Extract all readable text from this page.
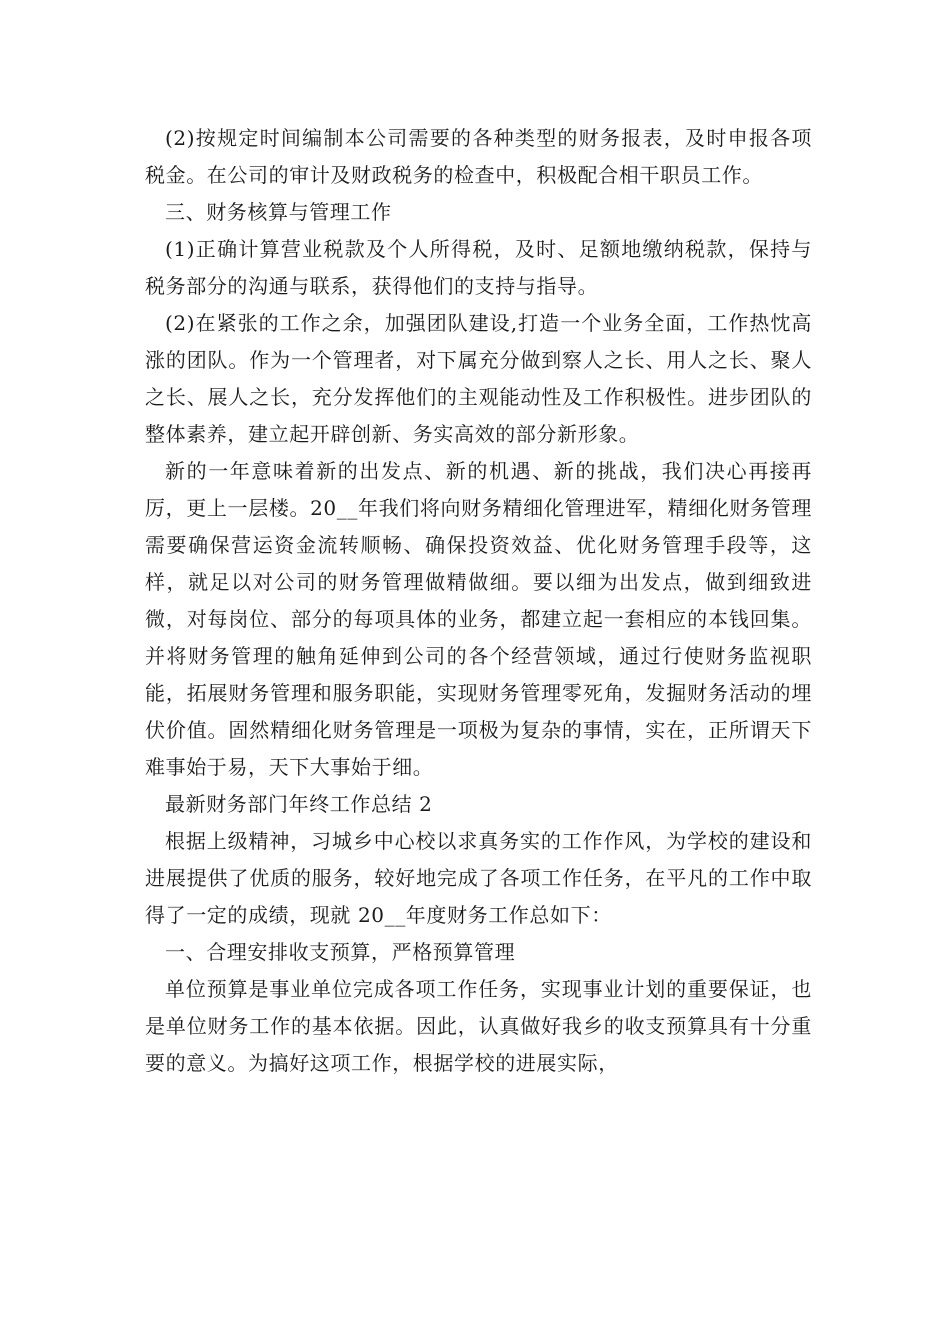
(2)按规定时间编制本公司需要的各种类型的财务报表，及时申报各项税金。在公司的审计及财政税务的检查中，积极配合相干职员工作。

三、财务核算与管理工作

(1)正确计算营业税款及个人所得税，及时、足额地缴纳税款，保持与税务部分的沟通与联系，获得他们的支持与指导。

(2)在紧张的工作之余，加强团队建设,打造一个业务全面，工作热忱高涨的团队。作为一个管理者，对下属充分做到察人之长、用人之长、聚人之长、展人之长，充分发挥他们的主观能动性及工作积极性。进步团队的整体素养，建立起开辟创新、务实高效的部分新形象。

新的一年意味着新的出发点、新的机遇、新的挑战，我们决心再接再厉，更上一层楼。20__年我们将向财务精细化管理进军，精细化财务管理需要确保营运资金流转顺畅、确保投资效益、优化财务管理手段等，这样，就足以对公司的财务管理做精做细。要以细为出发点，做到细致进微，对每岗位、部分的每项具体的业务，都建立起一套相应的本钱回集。并将财务管理的触角延伸到公司的各个经营领域，通过行使财务监视职能，拓展财务管理和服务职能，实现财务管理零死角，发掘财务活动的埋伏价值。固然精细化财务管理是一项极为复杂的事情，实在，正所谓天下难事始于易，天下大事始于细。

最新财务部门年终工作总结 2

根据上级精神，习城乡中心校以求真务实的工作作风，为学校的建设和进展提供了优质的服务，较好地完成了各项工作任务，在平凡的工作中取得了一定的成绩，现就 20__年度财务工作总如下：

一、合理安排收支预算，严格预算管理

单位预算是事业单位完成各项工作任务，实现事业计划的重要保证，也是单位财务工作的基本依据。因此，认真做好我乡的收支预算具有十分重要的意义。为搞好这项工作，根据学校的进展实际，
